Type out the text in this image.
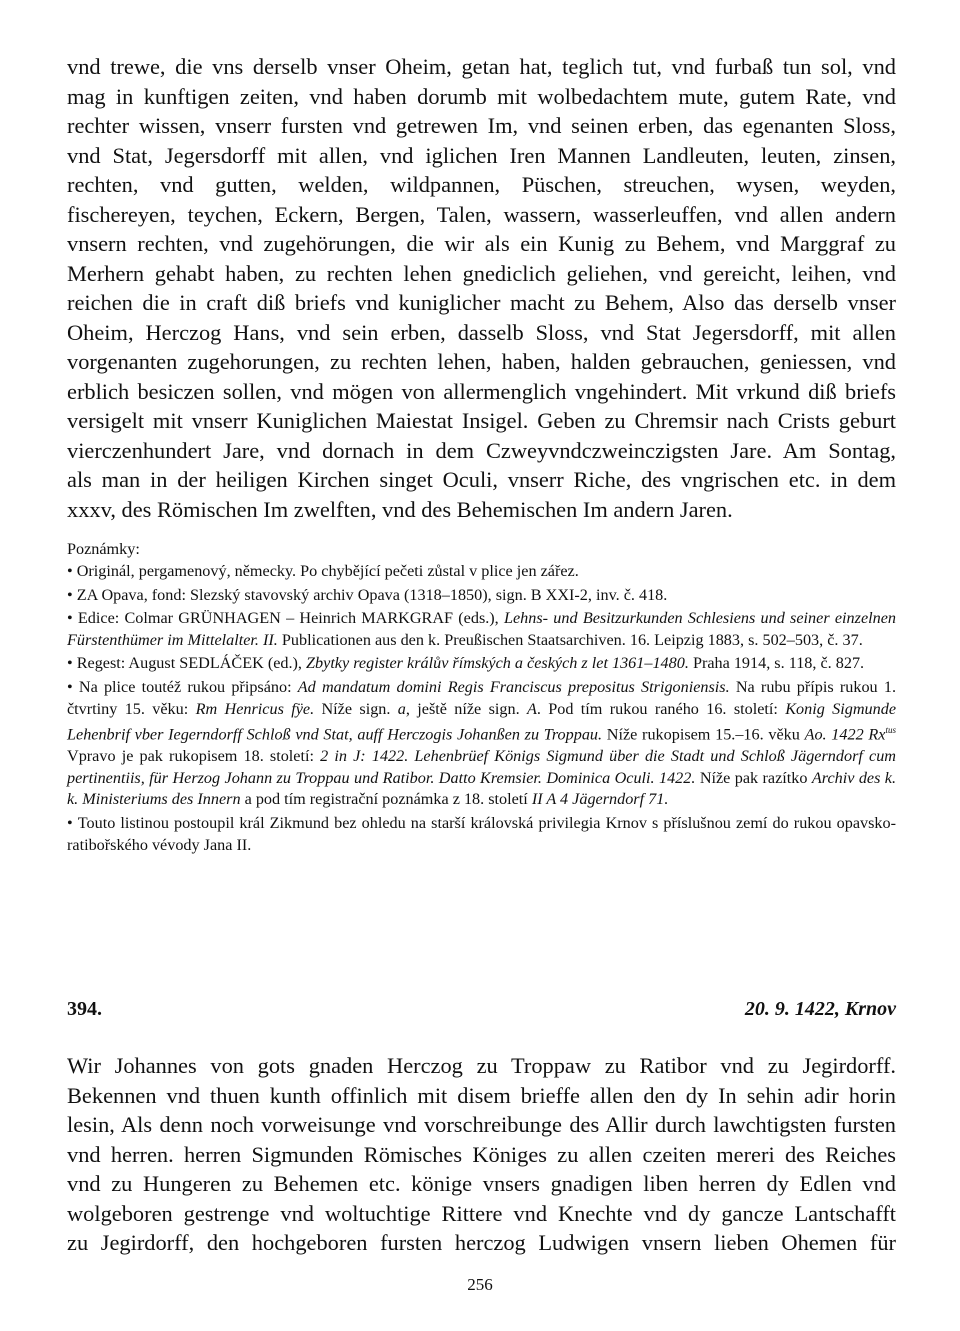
vnd trewe, die vns derselb vnser Oheim, getan hat, teglich tut, vnd furbaß tun sol, vnd
mag in kunftigen zeiten, vnd haben dorumb mit wolbedachtem mute, gutem Rate, vnd
rechter wissen, vnserr fursten vnd getrewen Im, vnd seinen erben, das egenanten Sloss,
vnd Stat, Jegersdorff mit allen, vnd iglichen Iren Mannen Landleuten, leuten, zinsen,
rechten, vnd gutten, welden, wildpannen, Püschen, streuchen, wysen, weyden,
fischereyen, teychen, Eckern, Bergen, Talen, wassern, wasserleuffen, vnd allen andern
vnsern rechten, vnd zugehörungen, die wir als ein Kunig zu Behem, vnd Marggraf zu
Merhern gehabt haben, zu rechten lehen gnediclich geliehen, vnd gereicht, leihen, vnd
reichen die in craft diß briefs vnd kuniglicher macht zu Behem, Also das derselb vnser
Oheim, Herczog Hans, vnd sein erben, dasselb Sloss, vnd Stat Jegersdorff, mit allen
vorgenanten zugehorungen, zu rechten lehen, haben, halden gebrauchen, geniessen, vnd
erblich besiczen sollen, vnd mögen von allermenglich vngehindert. Mit vrkund diß briefs
versigelt mit vnserr Kuniglichen Maiestat Insigel. Geben zu Chremsir nach Crists geburt
vierczenhundert Jare, vnd dornach in dem Czweyvndczweinczigsten Jare. Am Sontag,
als man in der heiligen Kirchen singet Oculi, vnserr Riche, des vngrischen etc. in dem
xxxv, des Römischen Im zwelften, vnd des Behemischen Im andern Jaren.
Poznámky:
• Originál, pergamenový, německy. Po chybějící pečeti zůstal v plice jen zářez.
• ZA Opava, fond: Slezský stavovský archiv Opava (1318–1850), sign. B XXI-2, inv. č. 418.
• Edice: Colmar GRÜNHAGEN – Heinrich MARKGRAF (eds.), Lehns- und Besitzurkunden Schlesiens und seiner einzelnen Fürstenthümer im Mittelalter. II. Publicationen aus den k. Preußischen Staatsarchiven. 16. Leipzig 1883, s. 502–503, č. 37.
• Regest: August SEDLÁČEK (ed.), Zbytky register králův římských a českých z let 1361–1480. Praha 1914, s. 118, č. 827.
• Na plice toutéž rukou připsáno: Ad mandatum domini Regis Franciscus prepositus Strigoniensis. Na rubu přípis rukou 1. čtvrtiny 15. věku: Rm Henricus fÿe. Níže sign. a, ještě níže sign. A. Pod tím rukou raného 16. století: Konig Sigmunde Lehenbrif vber Iegerndorff Schloß vnd Stat, auff Herczogis Johanßen zu Troppau. Níže rukopisem 15.–16. věku Ao. 1422 $Rx^{tus}$ Vpravo je pak rukopisem 18. století: 2 in J: 1422. Lehenbrüef Königs Sigmund über die Stadt und Schloß Jägerndorf cum pertinentiis, für Herzog Johann zu Troppau und Ratibor. Datto Kremsier. Dominica Oculi. 1422. Níže pak razítko Archiv des k. k. Ministeriums des Innern a pod tím registrační poznámka z 18. století II A 4 Jägerndorf 71.
• Touto listinou postoupil král Zikmund bez ohledu na starší královská privilegia Krnov s příslušnou zemí do rukou opavsko-ratibořského vévody Jana II.
394.	20. 9. 1422, Krnov
Wir Johannes von gots gnaden Herczog zu Troppaw zu Ratibor vnd zu Jegirdorff.
Bekennen vnd thuen kunth offinlich mit disem brieffe allen den dy In sehin adir horin
lesin, Als denn noch vorweisunge vnd vorschreibunge des Allir durch lawchtigsten fursten
vnd herren. herren Sigmunden Römisches Königes zu allen czeiten mereri des Reiches
vnd zu Hungeren zu Behemen etc. könige vnsers gnadigen liben herren dy Edlen vnd
wolgeboren gestrenge vnd woltuchtige Rittere vnd Knechte vnd dy gancze Lantschafft
zu Jegirdorff, den hochgeboren fursten herczog Ludwigen vnsern lieben Ohemen für
256
